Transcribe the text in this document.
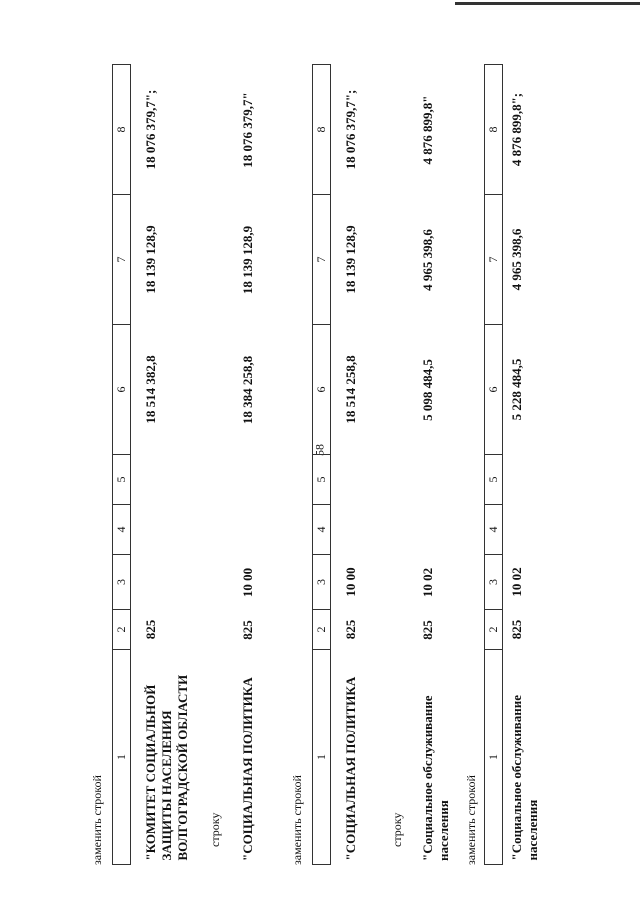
58
заменить строкой
1	2	3	4	5	6	7	8
"КОМИТЕТ СОЦИАЛЬНОЙ ЗАЩИТЫ НАСЕЛЕНИЯ ВОЛГОГРАДСКОЙ ОБЛАСТИ	825				18 514 382,8	18 139 128,9	18 076 379,7";
строку "СОЦИАЛЬНАЯ ПОЛИТИКА	825	10 00			18 384 258,8	18 139 128,9	18 076 379,7"
заменить строкой
1	2	3	4	5	6	7	8
"СОЦИАЛЬНАЯ ПОЛИТИКА	825	10 00			18 514 258,8	18 139 128,9	18 076 379,7";
строку "Социальное обслуживание населения	825	10 02			5 098 484,5	4 965 398,6	4 876 899,8"
заменить строкой
1	2	3	4	5	6	7	8
"Социальное обслуживание населения	825	10 02			5 228 484,5	4 965 398,6	4 876 899,8";
